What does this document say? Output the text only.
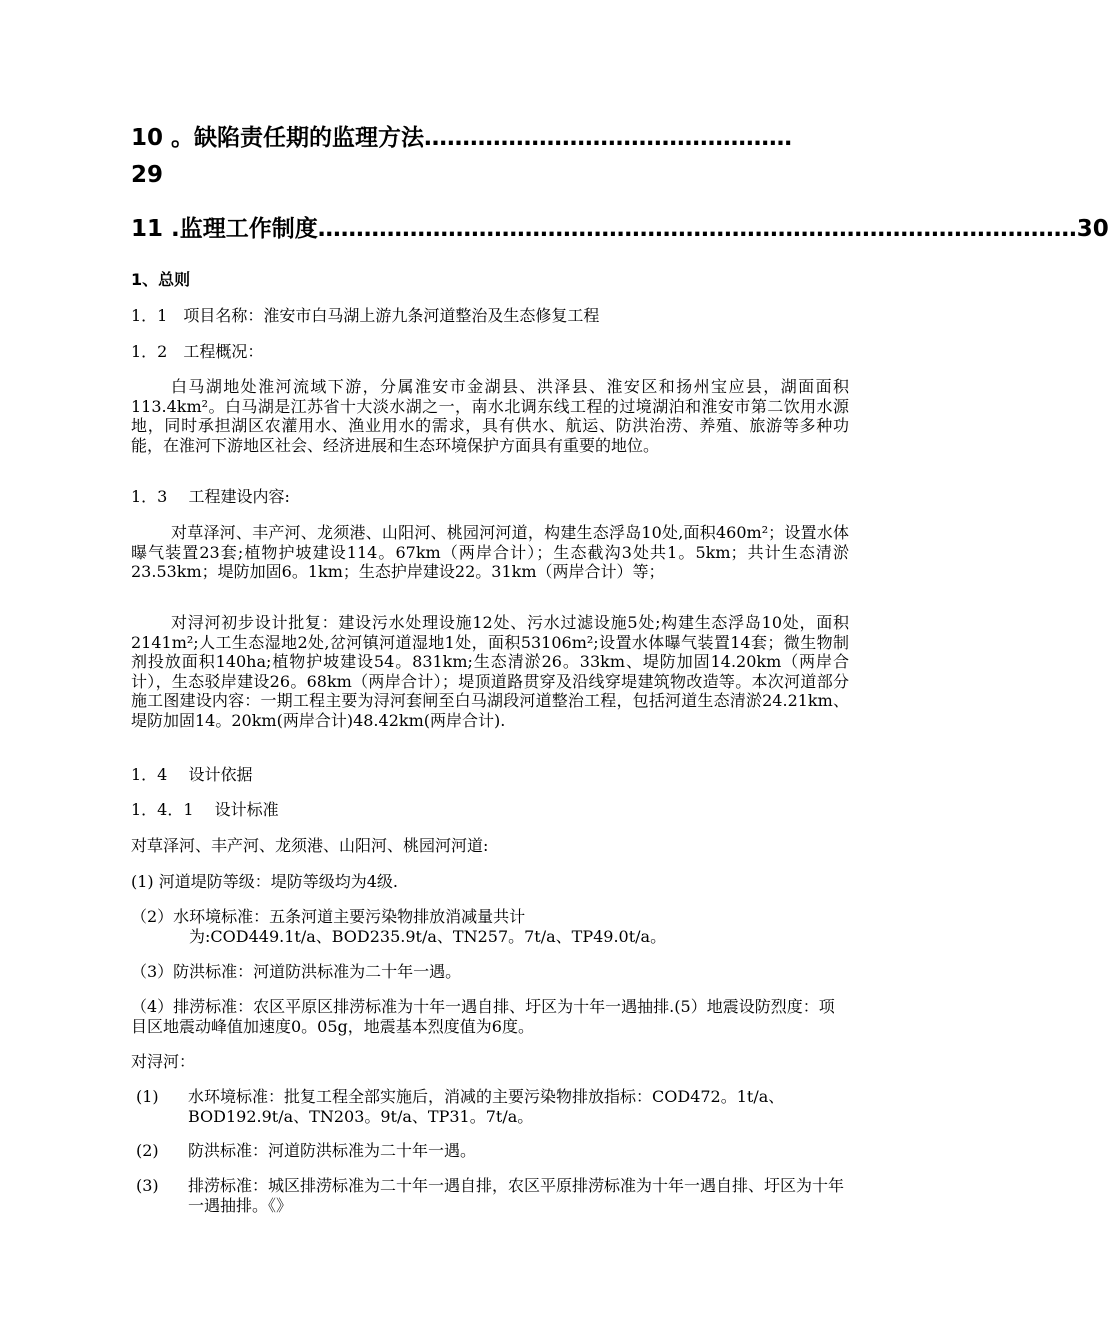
10 。缺陷责任期的监理方法…………………………………………
29
11 .监理工作制度 ……………………………………………………………………………………… 30
1、总则
1．1　项目名称：淮安市白马湖上游九条河道整治及生态修复工程
1．2　工程概况：
白马湖地处淮河流域下游，分属淮安市金湖县、洪泽县、淮安区和扬州宝应县，湖面面积113.4km²。白马湖是江苏省十大淡水湖之一，南水北调东线工程的过境湖泊和淮安市第二饮用水源地，同时承担湖区农灌用水、渔业用水的需求，具有供水、航运、防洪治涝、养殖、旅游等多种功能，在淮河下游地区社会、经济进展和生态环境保护方面具有重要的地位。
1．3　 工程建设内容:
对草泽河、丰产河、龙须港、山阳河、桃园河河道，构建生态浮岛10处,面积460m²；设置水体曝气装置23套;植物护坡建设114。67km（两岸合计）；生态截沟3处共1。5km；共计生态清淤23.53km；堤防加固6。1km；生态护岸建设22。31km（两岸合计）等；
对浔河初步设计批复：建设污水处理设施12处、污水过滤设施5处;构建生态浮岛10处，面积2141m²;人工生态湿地2处,岔河镇河道湿地1处，面积53106m²;设置水体曝气装置14套；微生物制剂投放面积140ha;植物护坡建设54。831km;生态清淤26。33km、堤防加固14.20km（两岸合计），生态驳岸建设26。68km（两岸合计）；堤顶道路贯穿及沿线穿堤建筑物改造等。本次河道部分施工图建设内容：一期工程主要为浔河套闸至白马湖段河道整治工程，包括河道生态清淤24.21km、堤防加固14。20km(两岸合计)48.42km(两岸合计).
1．4　 设计依据
1．4．1　 设计标准
对草泽河、丰产河、龙须港、山阳河、桃园河河道:
(1) 河道堤防等级：堤防等级均为4级.
（2）水环境标准：五条河道主要污染物排放消减量共计
为:COD449.1t/a、BOD235.9t/a、TN257。7t/a、TP49.0t/a。
（3）防洪标准：河道防洪标准为二十年一遇。
（4）排涝标准：农区平原区排涝标准为十年一遇自排、圩区为十年一遇抽排.(5）地震设防烈度：项目区地震动峰值加速度0。05g，地震基本烈度值为6度。
对浔河：
(1)	水环境标准：批复工程全部实施后，消减的主要污染物排放指标：COD472。1t/a、 BOD192.9t/a、TN203。9t/a、TP31。7t/a。
(2)	防洪标准：河道防洪标准为二十年一遇。
(3)	排涝标准：城区排涝标准为二十年一遇自排，农区平原排涝标准为十年一遇自排、圩区为十年一遇抽排。《》
